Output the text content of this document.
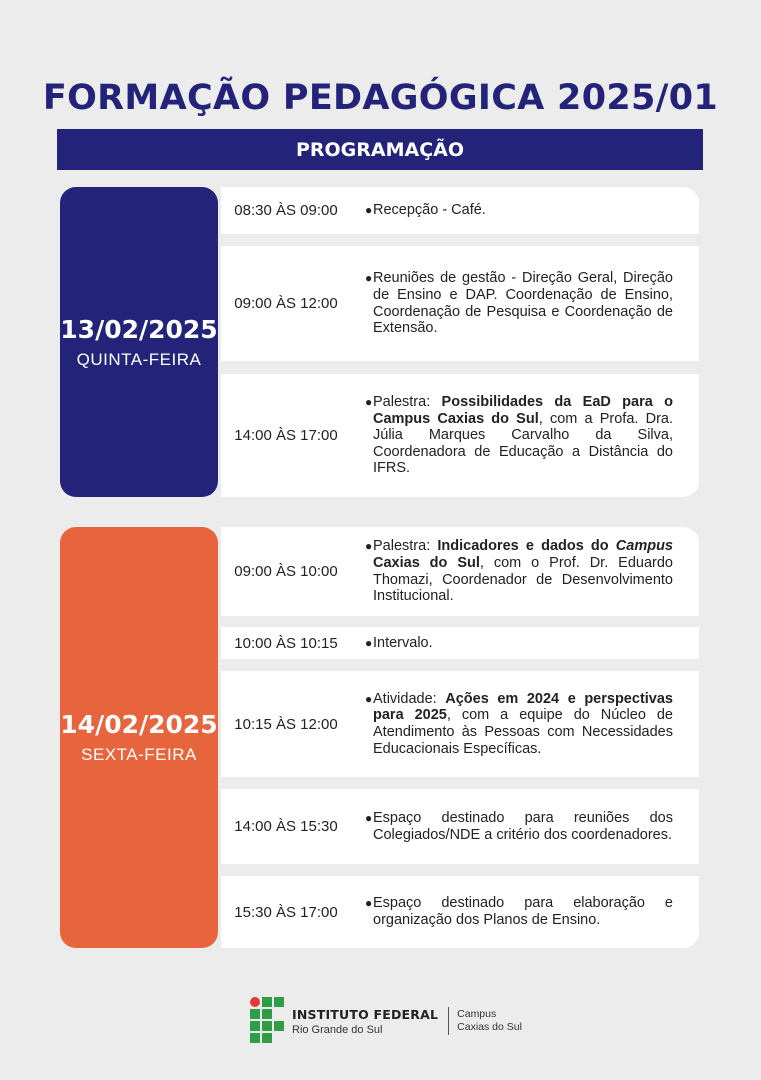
FORMAÇÃO PEDAGÓGICA 2025/01
PROGRAMAÇÃO
13/02/2025
QUINTA-FEIRA
08:30 ÀS 09:00	● Recepção - Café.
09:00 ÀS 12:00
● Reuniões de gestão - Direção Geral, Direção de Ensino e DAP. Coordenação de Ensino, Coordenação de Pesquisa e Coordenação de Extensão.
14:00 ÀS 17:00
● Palestra: Possibilidades da EaD para o Campus Caxias do Sul, com a Profa. Dra. Júlia Marques Carvalho da Silva, Coordenadora de Educação a Distância do IFRS.
14/02/2025
SEXTA-FEIRA
09:00 ÀS 10:00
● Palestra: Indicadores e dados do Campus Caxias do Sul, com o Prof. Dr. Eduardo Thomazi, Coordenador de Desenvolvimento Institucional.
10:00 ÀS 10:15	● Intervalo.
10:15 ÀS 12:00
● Atividade: Ações em 2024 e perspectivas para 2025, com a equipe do Núcleo de Atendimento às Pessoas com Necessidades Educacionais Específicas.
14:00 ÀS 15:30
● Espaço destinado para reuniões dos Colegiados/NDE a critério dos coordenadores.
15:30 ÀS 17:00
● Espaço destinado para elaboração e organização dos Planos de Ensino.
INSTITUTO FEDERAL
Rio Grande do Sul
Campus
Caxias do Sul
